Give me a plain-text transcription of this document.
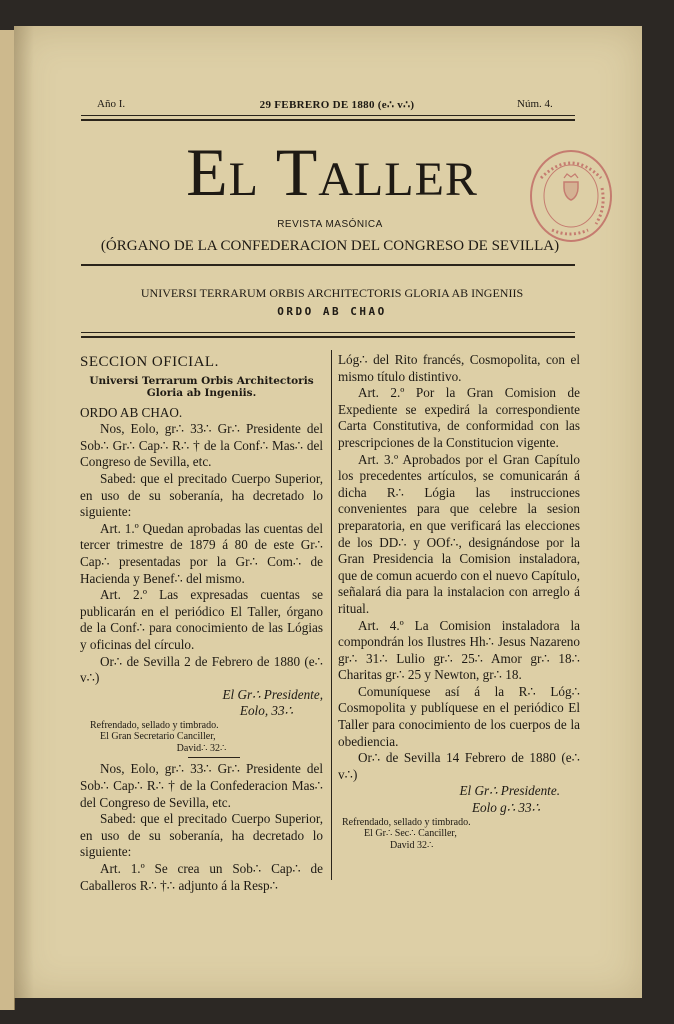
Año I.	29 FEBRERO DE 1880 (e∴ v∴)	Núm. 4.
El Taller
REVISTA MASÓNICA
(ÓRGANO DE LA CONFEDERACION DEL CONGRESO DE SEVILLA)
UNIVERSI TERRARUM ORBIS ARCHITECTORIS GLORIA AB INGENIIS
ORDO AB CHAO

SECCION OFICIAL.

Universi Terrarum Orbis Architectoris Gloria ab Ingeniis.

ORDO AB CHAO.

Nos, Eolo, gr∴ 33∴ Gr∴ Presidente del Sob∴ Gr∴ Cap∴ R∴ † de la Conf∴ Mas∴ del Congreso de Sevilla, etc.

Sabed: que el precitado Cuerpo Superior, en uso de su soberanía, ha decretado lo siguiente:

Art. 1.º Quedan aprobadas las cuentas del tercer trimestre de 1879 á 80 de este Gr∴ Cap∴ presentadas por la Gr∴ Com∴ de Hacienda y Benef∴ del mismo.

Art. 2.º Las expresadas cuentas se publicarán en el periódico El Taller, órgano de la Conf∴ para conocimiento de las Lógias y oficinas del círculo.

Or∴ de Sevilla 2 de Febrero de 1880 (e∴ v∴)

El Gr∴ Presidente,

Eolo, 33∴

Refrendado, sellado y timbrado.

El Gran Secretario Canciller,

David∴ 32∴

Nos, Eolo, gr∴ 33∴ Gr∴ Presidente del Sob∴ Cap∴ R∴ † de la Confederacion Mas∴ del Congreso de Sevilla, etc.

Sabed: que el precitado Cuerpo Superior, en uso de su soberanía, ha decretado lo siguiente:

Art. 1.º Se crea un Sob∴ Cap∴ de Caballeros R∴ †∴ adjunto á la Resp∴

Lóg∴ del Rito francés, Cosmopolita, con el mismo título distintivo.

Art. 2.º Por la Gran Comision de Expediente se expedirá la correspondiente Carta Constitutiva, de conformidad con las prescripciones de la Constitucion vigente.

Art. 3.º Aprobados por el Gran Capítulo los precedentes artículos, se comunicarán á dicha R∴ Lógia las instrucciones convenientes para que celebre la sesion preparatoria, en que verificará las elecciones de los DD∴ y OOf∴, designándose por la Gran Presidencia la Comision instaladora, que de comun acuerdo con el nuevo Capítulo, señalará dia para la instalacion con arreglo á ritual.

Art. 4.º La Comision instaladora la compondrán los Ilustres Hh∴ Jesus Nazareno gr∴ 31∴ Lulio gr∴ 25∴ Amor gr∴ 18∴ Charitas gr∴ 25 y Newton, gr∴ 18.

Comuníquese así á la R∴ Lóg∴ Cosmopolita y publíquese en el periódico El Taller para conocimiento de los cuerpos de la obediencia.

Or∴ de Sevilla 14 Febrero de 1880 (e∴ v∴)

El Gr∴ Presidente.

Eolo g∴ 33∴

Refrendado, sellado y timbrado.

El Gr∴ Sec∴ Canciller,

David 32∴
